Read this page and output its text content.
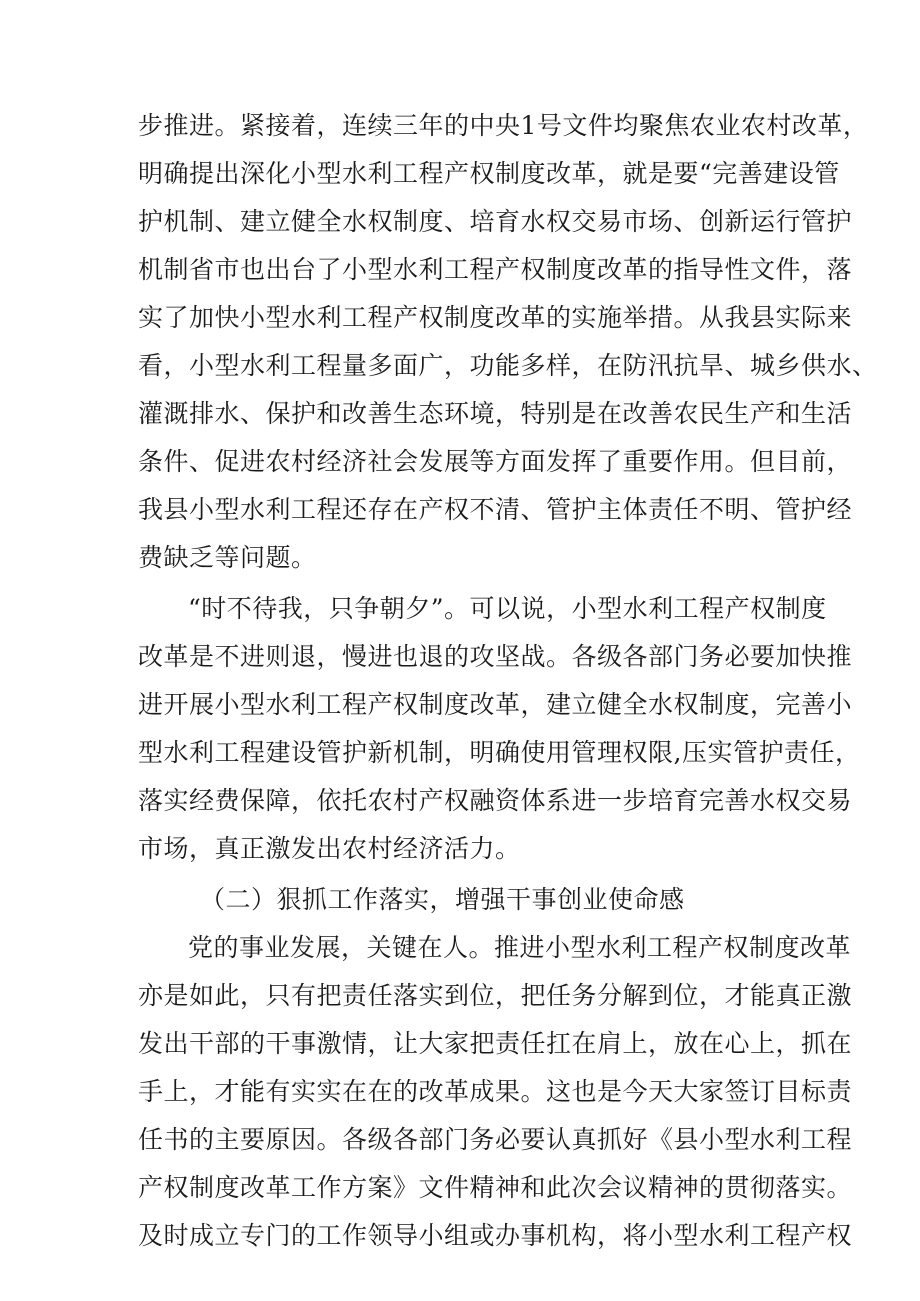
步推进。紧接着，连续三年的中央1号文件均聚焦农业农村改革，
明确提出深化小型水利工程产权制度改革，就是要“完善建设管
护机制、建立健全水权制度、培育水权交易市场、创新运行管护
机制省市也出台了小型水利工程产权制度改革的指导性文件，落
实了加快小型水利工程产权制度改革的实施举措。从我县实际来
看，小型水利工程量多面广，功能多样，在防汛抗旱、城乡供水、
灌溉排水、保护和改善生态环境，特别是在改善农民生产和生活
条件、促进农村经济社会发展等方面发挥了重要作用。但目前，
我县小型水利工程还存在产权不清、管护主体责任不明、管护经
费缺乏等问题。
“时不待我，只争朝夕”。可以说，小型水利工程产权制度
改革是不进则退，慢进也退的攻坚战。各级各部门务必要加快推
进开展小型水利工程产权制度改革，建立健全水权制度，完善小
型水利工程建设管护新机制，明确使用管理权限,压实管护责任，
落实经费保障，依托农村产权融资体系进一步培育完善水权交易
市场，真正激发出农村经济活力。
（二）狠抓工作落实，增强干事创业使命感
党的事业发展，关键在人。推进小型水利工程产权制度改革
亦是如此，只有把责任落实到位，把任务分解到位，才能真正激
发出干部的干事激情，让大家把责任扛在肩上，放在心上，抓在
手上，才能有实实在在的改革成果。这也是今天大家签订目标责
任书的主要原因。各级各部门务必要认真抓好《县小型水利工程
产权制度改革工作方案》文件精神和此次会议精神的贯彻落实。
及时成立专门的工作领导小组或办事机构，将小型水利工程产权
